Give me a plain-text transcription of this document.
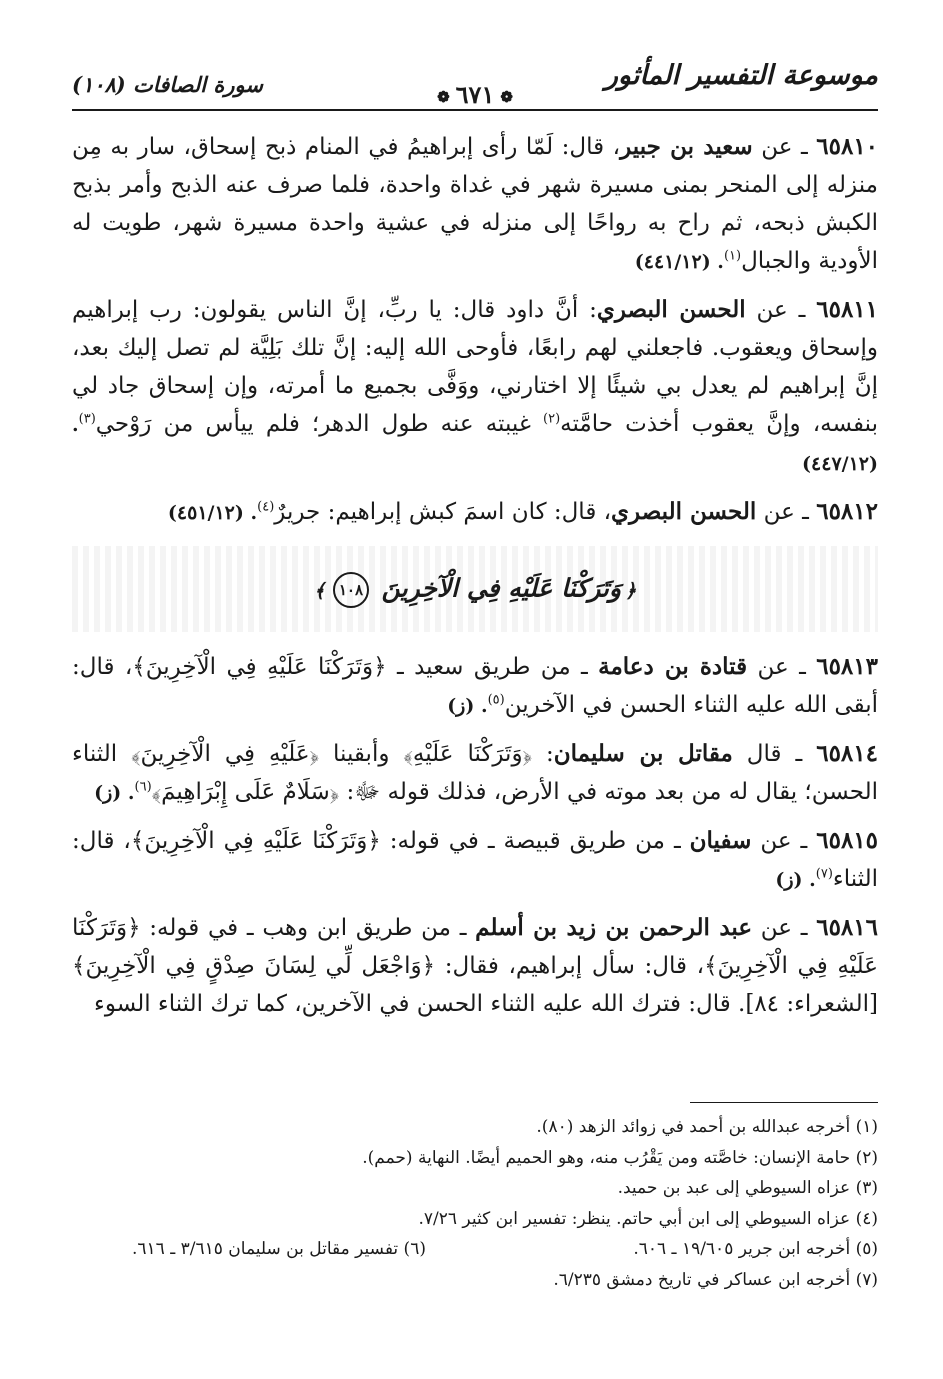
موسوعة التفسير المأثور
❁ ٦٧١ ❁
سورة الصافات (١٠٨)

٦٥٨١٠ ـ عن سعيد بن جبير، قال: لَمّا رأى إبراهيمُ في المنام ذبح إسحاق، سار به مِن منزله إلى المنحر بمنى مسيرة شهر في غداة واحدة، فلما صرف عنه الذبح وأمر بذبح الكبش ذبحه، ثم راح به رواحًا إلى منزله في عشية واحدة مسيرة شهر، طويت له الأودية والجبال$^{(١)}$. (٤٤١/١٢)

٦٥٨١١ ـ عن الحسن البصري: أنَّ داود قال: يا ربِّ، إنَّ الناس يقولون: رب إبراهيم وإسحاق ويعقوب. فاجعلني لهم رابعًا، فأوحى الله إليه: إنَّ تلك بَلِيَّة لم تصل إليك بعد، إنَّ إبراهيم لم يعدل بي شيئًا إلا اختارني، ووَفَّى بجميع ما أمرته، وإن إسحاق جاد لي بنفسه، وإنَّ يعقوب أخذت حامَّته$^{(٢)}$ غيبته عنه طول الدهر؛ فلم ييأس من رَوْحي$^{(٣)}$. (٤٤٧/١٢)

٦٥٨١٢ ـ عن الحسن البصري، قال: كان اسمَ كبش إبراهيم: جريرٌ$^{(٤)}$. (٤٥١/١٢)

﴿وَتَرَكْنَا عَلَيْهِ فِي الْآخِرِينَ ١٠٨﴾

٦٥٨١٣ ـ عن قتادة بن دعامة ـ من طريق سعيد ـ ﴿وَتَرَكْنَا عَلَيْهِ فِي الْآخِرِينَ﴾، قال: أبقى الله عليه الثناء الحسن في الآخرين$^{(٥)}$. (ز)

٦٥٨١٤ ـ قال مقاتل بن سليمان: ﴿وَتَرَكْنَا عَلَيْهِ﴾ وأبقينا ﴿عَلَيْهِ فِي الْآخِرِينَ﴾ الثناء الحسن؛ يقال له من بعد موته في الأرض، فذلك قوله ﷻ: ﴿سَلَامٌ عَلَى إِبْرَاهِيمَ﴾$^{(٦)}$. (ز)

٦٥٨١٥ ـ عن سفيان ـ من طريق قبيصة ـ في قوله: ﴿وَتَرَكْنَا عَلَيْهِ فِي الْآخِرِينَ﴾، قال: الثناء$^{(٧)}$. (ز)

٦٥٨١٦ ـ عن عبد الرحمن بن زيد بن أسلم ـ من طريق ابن وهب ـ في قوله: ﴿وَتَرَكْنَا عَلَيْهِ فِي الْآخِرِينَ﴾، قال: سأل إبراهيم، فقال: ﴿وَاجْعَل لِّي لِسَانَ صِدْقٍ فِي الْآخِرِينَ﴾ [الشعراء: ٨٤]. قال: فترك الله عليه الثناء الحسن في الآخرين، كما ترك الثناء السوء

(١) أخرجه عبدالله بن أحمد في زوائد الزهد (٨٠).
(٢) حامة الإنسان: خاصَّته ومن يَقْرُب منه، وهو الحميم أيضًا. النهاية (حمم).
(٣) عزاه السيوطي إلى عبد بن حميد.
(٤) عزاه السيوطي إلى ابن أبي حاتم. ينظر: تفسير ابن كثير ٧/٢٦.
(٥) أخرجه ابن جرير ١٩/٦٠٥ ـ ٦٠٦.
(٦) تفسير مقاتل بن سليمان ٣/٦١٥ ـ ٦١٦.
(٧) أخرجه ابن عساكر في تاريخ دمشق ٦/٢٣٥.
